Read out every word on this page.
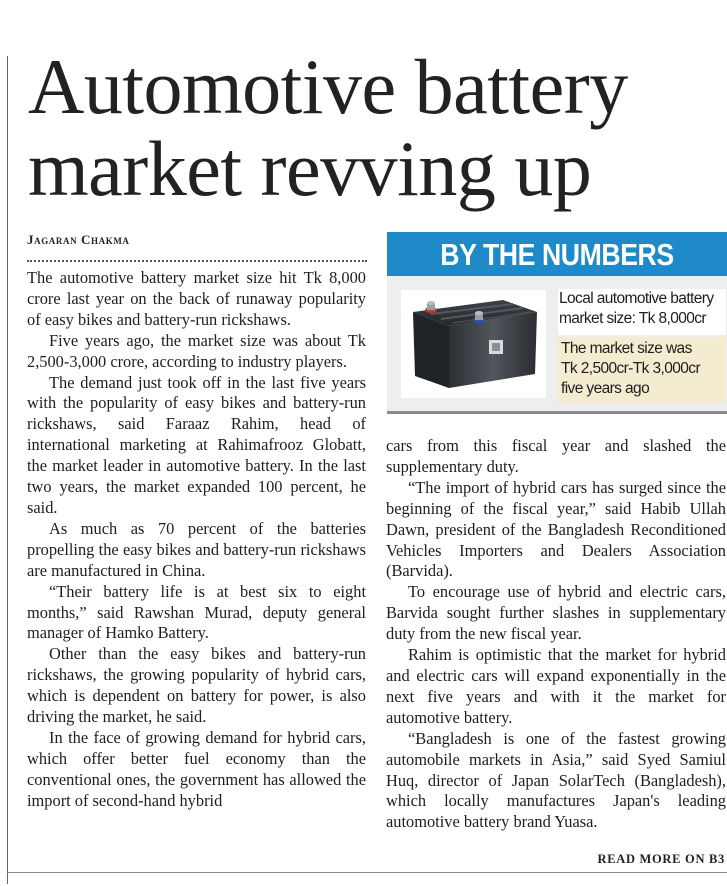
Automotive battery
market revving up
Jagaran Chakma

The automotive battery market size hit Tk 8,000 crore last year on the back of runaway popularity of easy bikes and battery-run rickshaws.

Five years ago, the market size was about Tk 2,500-3,000 crore, according to industry players.

The demand just took off in the last five years with the popularity of easy bikes and battery-run rickshaws, said Faraaz Rahim, head of international marketing at Rahimafrooz Globatt, the market leader in automotive battery. In the last two years, the market expanded 100 percent, he said.

As much as 70 percent of the batteries propelling the easy bikes and battery-run rickshaws are manufactured in China.

“Their battery life is at best six to eight months,” said Rawshan Murad, deputy general manager of Hamko Battery.

Other than the easy bikes and battery-run rickshaws, the growing popularity of hybrid cars, which is dependent on battery for power, is also driving the market, he said.

In the face of growing demand for hybrid cars, which offer better fuel economy than the conventional ones, the government has allowed the import of second-hand hybrid

BY THE NUMBERS
Local automotive battery
market size: Tk 8,000cr
The market size was
Tk 2,500cr-Tk 3,000cr
five years ago

cars from this fiscal year and slashed the supplementary duty.

“The import of hybrid cars has surged since the beginning of the fiscal year,” said Habib Ullah Dawn, president of the Bangladesh Reconditioned Vehicles Importers and Dealers Association (Barvida).

To encourage use of hybrid and electric cars, Barvida sought further slashes in supplementary duty from the new fiscal year.

Rahim is optimistic that the market for hybrid and electric cars will expand exponentially in the next five years and with it the market for automotive battery.

“Bangladesh is one of the fastest growing automobile markets in Asia,” said Syed Samiul Huq, director of Japan SolarTech (Bangladesh), which locally manufactures Japan's leading automotive battery brand Yuasa.

READ MORE ON B3
